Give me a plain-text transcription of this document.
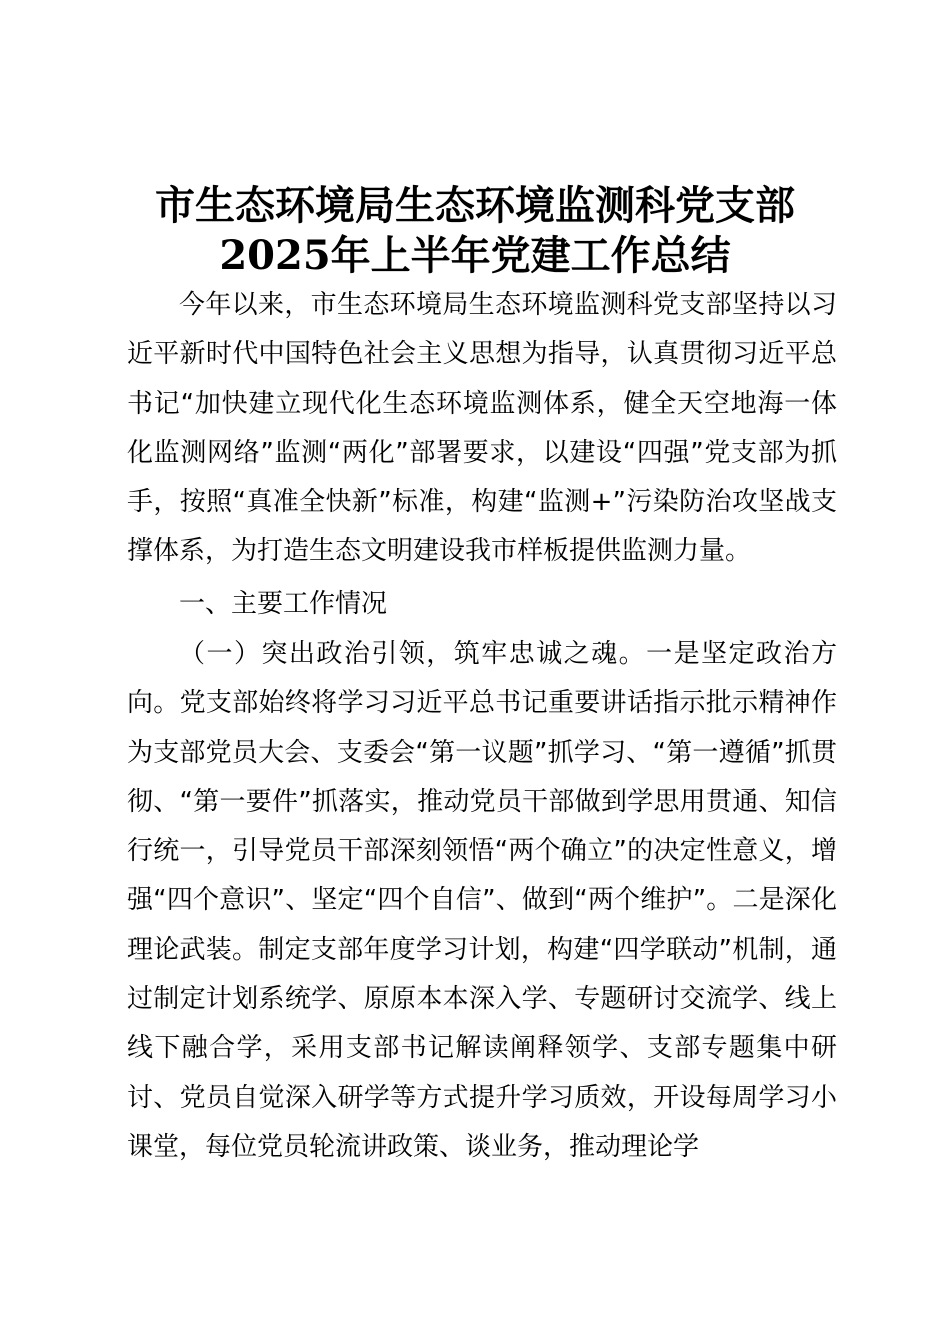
市生态环境局生态环境监测科党支部
2025年上半年党建工作总结

今年以来，市生态环境局生态环境监测科党支部坚持以习近平新时代中国特色社会主义思想为指导，认真贯彻习近平总书记“加快建立现代化生态环境监测体系，健全天空地海一体化监测网络”监测“两化”部署要求，以建设“四强”党支部为抓手，按照“真准全快新”标准，构建“监测+”污染防治攻坚战支撑体系，为打造生态文明建设我市样板提供监测力量。

一、主要工作情况

（一）突出政治引领，筑牢忠诚之魂。一是坚定政治方向。党支部始终将学习习近平总书记重要讲话指示批示精神作为支部党员大会、支委会“第一议题”抓学习、“第一遵循”抓贯彻、“第一要件”抓落实，推动党员干部做到学思用贯通、知信行统一，引导党员干部深刻领悟“两个确立”的决定性意义，增强“四个意识”、坚定“四个自信”、做到“两个维护”。二是深化理论武装。制定支部年度学习计划，构建“四学联动”机制，通过制定计划系统学、原原本本深入学、专题研讨交流学、线上线下融合学，采用支部书记解读阐释领学、支部专题集中研讨、党员自觉深入研学等方式提升学习质效，开设每周学习小课堂，每位党员轮流讲政策、谈业务，推动理论学
